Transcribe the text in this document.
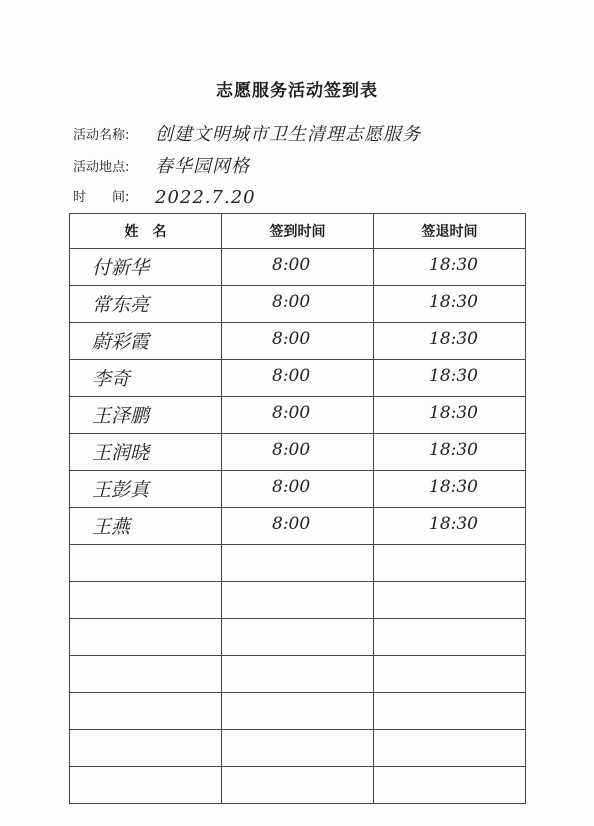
志愿服务活动签到表
活动名称:	创建文明城市卫生清理志愿服务
活动地点:	春华园网格
时　　间:	2022.7.20
姓　名	签到时间	签退时间

付新华	8:00	18:30

常东亮	8:00	18:30

蔚彩霞	8:00	18:30

李奇	8:00	18:30

王泽鹏	8:00	18:30

王润晓	8:00	18:30

王彭真	8:00	18:30

王燕	8:00	18:30
